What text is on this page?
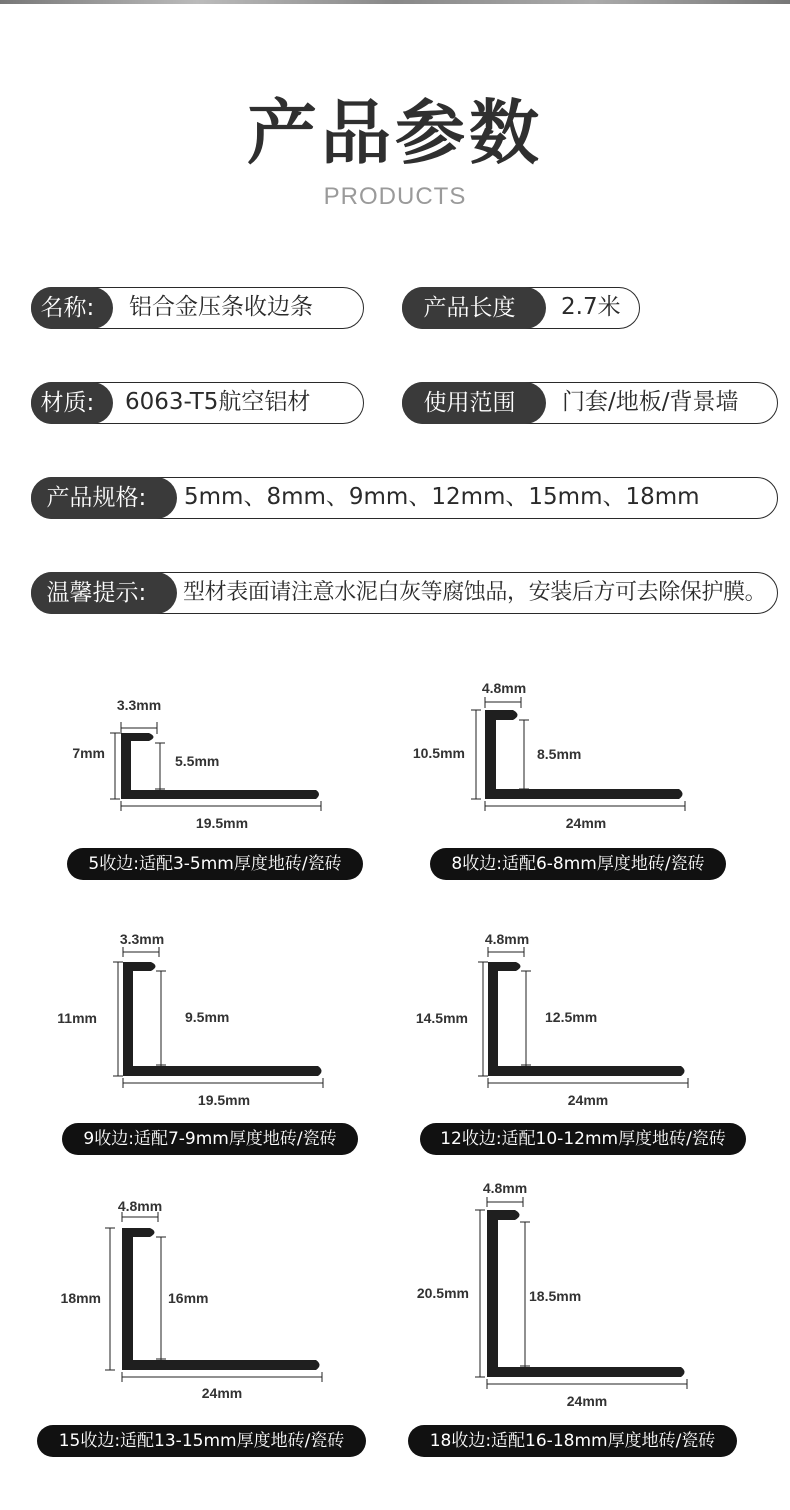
产品参数
PRODUCTS
名称:	铝合金压条收边条	产品长度	2.7米
材质:	6063-T5航空铝材	使用范围	门套/地板/背景墙
产品规格:	5mm、8mm、9mm、12mm、15mm、18mm
温馨提示:	型材表面请注意水泥白灰等腐蚀品，安装后方可去除保护膜。
3.3mm
7mm	5.5mm
19.5mm
4.8mm
10.5mm	8.5mm
24mm
3.3mm
11mm	9.5mm
19.5mm
4.8mm
14.5mm	12.5mm
24mm
4.8mm
18mm	16mm
24mm
4.8mm
20.5mm	18.5mm
24mm
5收边:适配3-5mm厚度地砖/瓷砖	8收边:适配6-8mm厚度地砖/瓷砖
9收边:适配7-9mm厚度地砖/瓷砖	12收边:适配10-12mm厚度地砖/瓷砖
15收边:适配13-15mm厚度地砖/瓷砖	18收边:适配16-18mm厚度地砖/瓷砖
